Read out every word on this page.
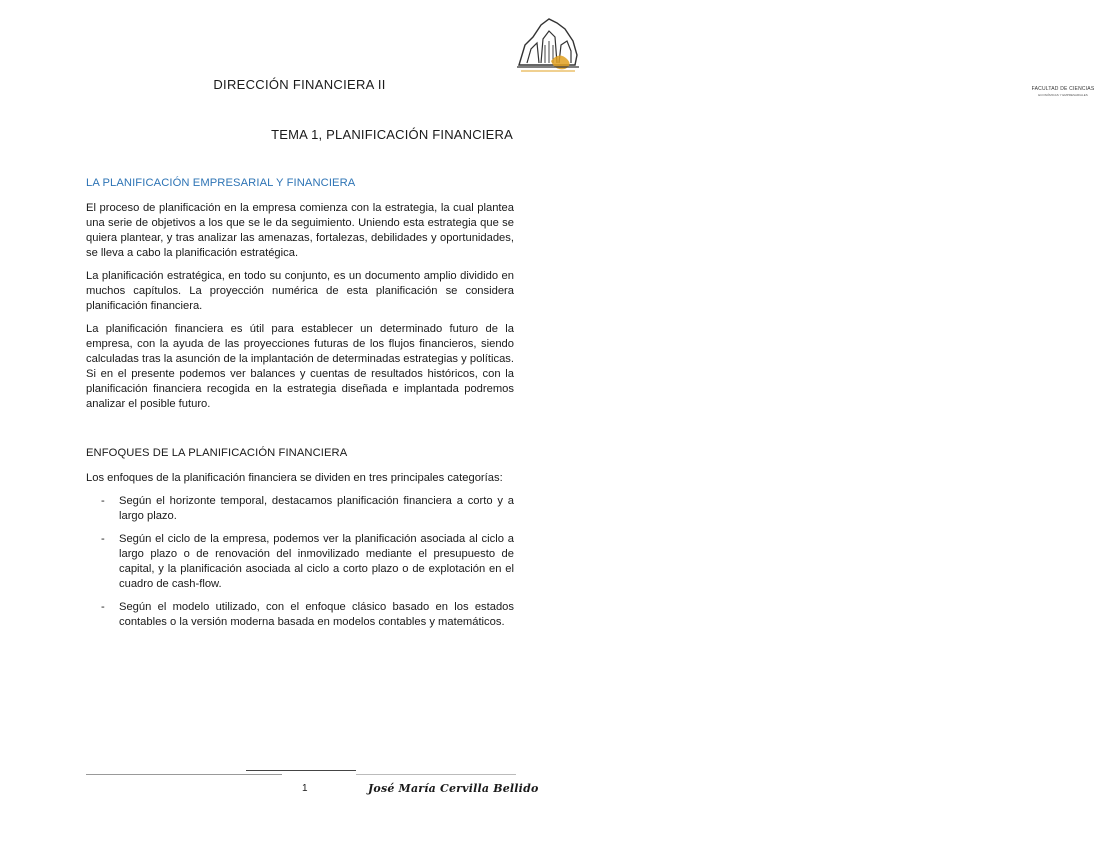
FACULTAD DE CIENCIAS
ECONÓMICAS Y EMPRESARIALES
DIRECCIÓN FINANCIERA II
TEMA 1, PLANIFICACIÓN FINANCIERA
LA PLANIFICACIÓN EMPRESARIAL Y FINANCIERA

El proceso de planificación en la empresa comienza con la estrategia, la cual plantea una serie de objetivos a los que se le da seguimiento. Uniendo esta estrategia que se quiera plantear, y tras analizar las amenazas, fortalezas, debilidades y oportunidades, se lleva a cabo la planificación estratégica.

La planificación estratégica, en todo su conjunto, es un documento amplio dividido en muchos capítulos. La proyección numérica de esta planificación se considera planificación financiera.

La planificación financiera es útil para establecer un determinado futuro de la empresa, con la ayuda de las proyecciones futuras de los flujos financieros, siendo calculadas tras la asunción de la implantación de determinadas estrategias y políticas. Si en el presente podemos ver balances y cuentas de resultados históricos, con la planificación financiera recogida en la estrategia diseñada e implantada podremos analizar el posible futuro.

ENFOQUES DE LA PLANIFICACIÓN FINANCIERA

Los enfoques de la planificación financiera se dividen en tres principales categorías:

- Según el horizonte temporal, destacamos planificación financiera a corto y a largo plazo.
- Según el ciclo de la empresa, podemos ver la planificación asociada al ciclo a largo plazo o de renovación del inmovilizado mediante el presupuesto de capital, y la planificación asociada al ciclo a corto plazo o de explotación en el cuadro de cash-flow.
- Según el modelo utilizado, con el enfoque clásico basado en los estados contables o la versión moderna basada en modelos contables y matemáticos.
1	José María Cervilla Bellido
